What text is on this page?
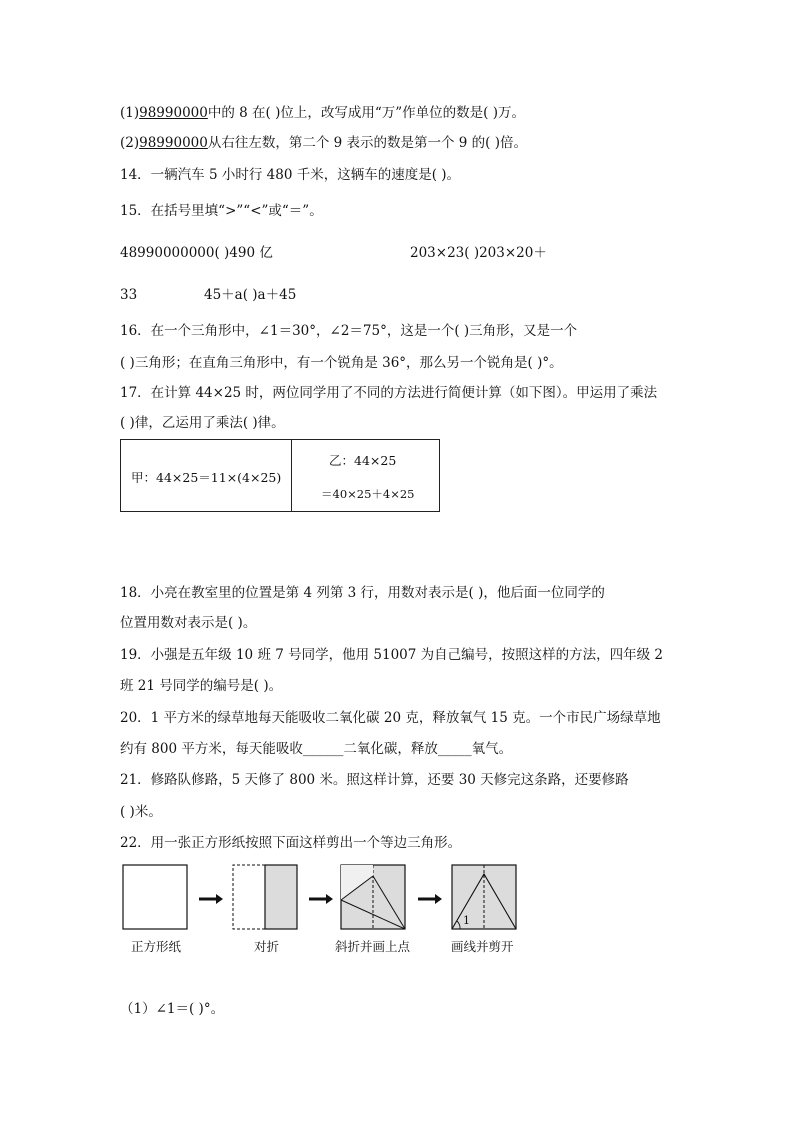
(1)98990000中的 8 在( )位上，改写成用“万”作单位的数是( )万。
(2)98990000从右往左数，第二个 9 表示的数是第一个 9 的( )倍。
14．一辆汽车 5 小时行 480 千米，这辆车的速度是( )。
15．在括号里填“>”“<”或“＝”。
48990000000( )490 亿	203×23( )203×20＋
33	45＋a( )a＋45
16．在一个三角形中，∠1＝30°，∠2＝75°，这是一个( )三角形，又是一个
( )三角形；在直角三角形中，有一个锐角是 36°，那么另一个锐角是( )°。
17．在计算 44×25 时，两位同学用了不同的方法进行简便计算（如下图）。甲运用了乘法
( )律，乙运用了乘法( )律。
甲：44×25＝11×(4×25)
乙：44×25
＝40×25＋4×25
18．小亮在教室里的位置是第 4 列第 3 行，用数对表示是( )，他后面一位同学的
位置用数对表示是( )。
19．小强是五年级 10 班 7 号同学，他用 51007 为自己编号，按照这样的方法，四年级 2
班 21 号同学的编号是( )。
20．1 平方米的绿草地每天能吸收二氧化碳 20 克，释放氧气 15 克。一个市民广场绿草地
约有 800 平方米，每天能吸收______二氧化碳，释放_____氧气。
21．修路队修路，5 天修了 800 米。照这样计算，还要 30 天修完这条路，还要修路
( )米。
22．用一张正方形纸按照下面这样剪出一个等边三角形。
1
正方形纸	对折	斜折并画上点	画线并剪开
（1）∠1＝( )°。
